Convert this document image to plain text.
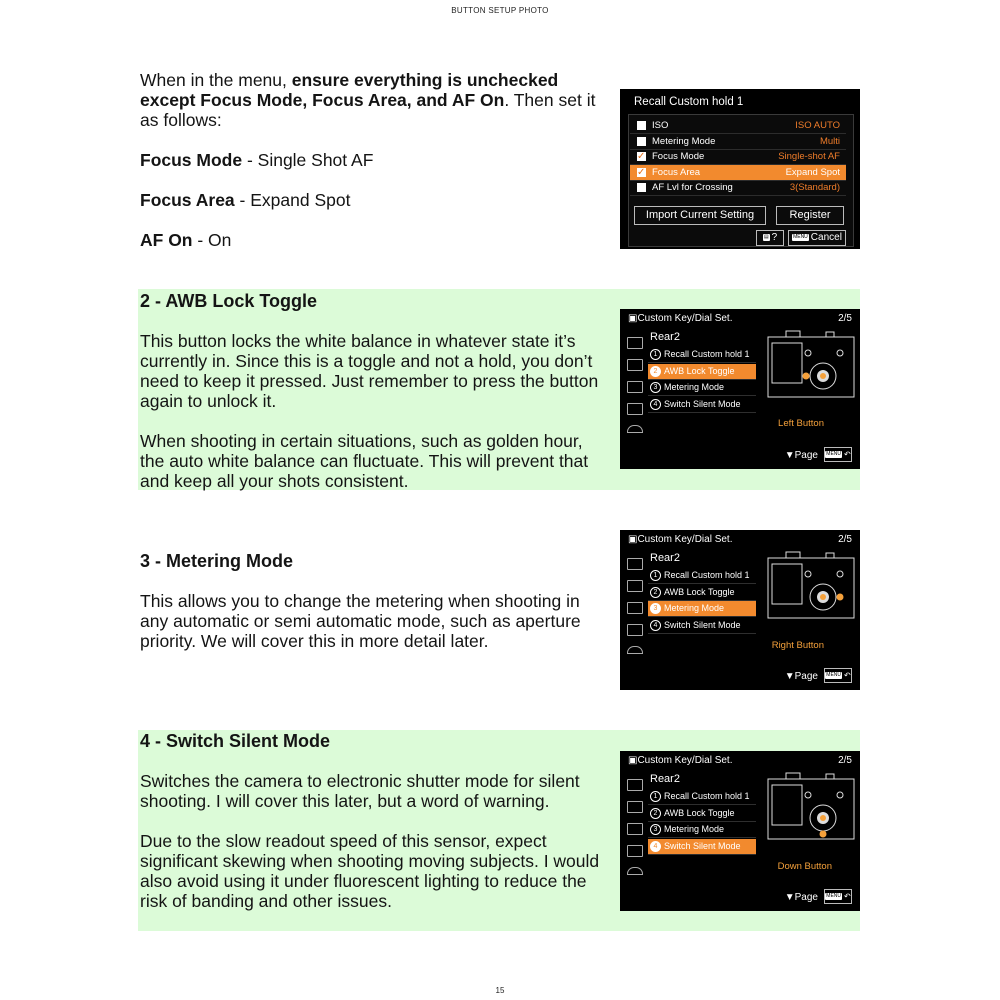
BUTTON SETUP PHOTO

When in the menu, ensure everything is unchecked except Focus Mode, Focus Area, and AF On. Then set it as follows:

Focus Mode - Single Shot AF

Focus Area - Expand Spot

AF On - On

Recall Custom hold 1
Import Current Setting	Register
▤ ?	MENU Cancel
ISO	ISO AUTO
Metering Mode	Multi
✓
Focus Mode	Single-shot AF
✓
Focus Area	Expand Spot
AF Lvl for Crossing	3(Standard)
2 - AWB Lock Toggle

This button locks the white balance in whatever state it’s currently in. Since this is a toggle and not a hold, you don’t need to keep it pressed. Just remember to press the button again to unlock it.

When shooting in certain situations, such as golden hour, the auto white balance can fluctuate. This will prevent that and keep all your shots consistent.

3 - Metering Mode

This allows you to change the metering when shooting in any automatic or semi automatic mode, such as aperture priority. We will cover this in more detail later.

4 - Switch Silent Mode

Switches the camera to electronic shutter mode for silent shooting. I will cover this later, but a word of warning.

Due to the slow readout speed of this sensor, expect significant skewing when shooting moving subjects. I would also avoid using it under fluorescent lighting to reduce the risk of banding and other issues.

▣Custom Key/Dial Set.	2/5
Rear2
1 Recall Custom hold 1
2 AWB Lock Toggle
3 Metering Mode
4 Switch Silent Mode
Left Button
▼Page	MENU ↶
▣Custom Key/Dial Set.	2/5
Rear2
1 Recall Custom hold 1
2 AWB Lock Toggle
3 Metering Mode
4 Switch Silent Mode
Right Button
▼Page	MENU ↶
▣Custom Key/Dial Set.	2/5
Rear2
1 Recall Custom hold 1
2 AWB Lock Toggle
3 Metering Mode
4 Switch Silent Mode
Down Button
▼Page	MENU ↶
15
